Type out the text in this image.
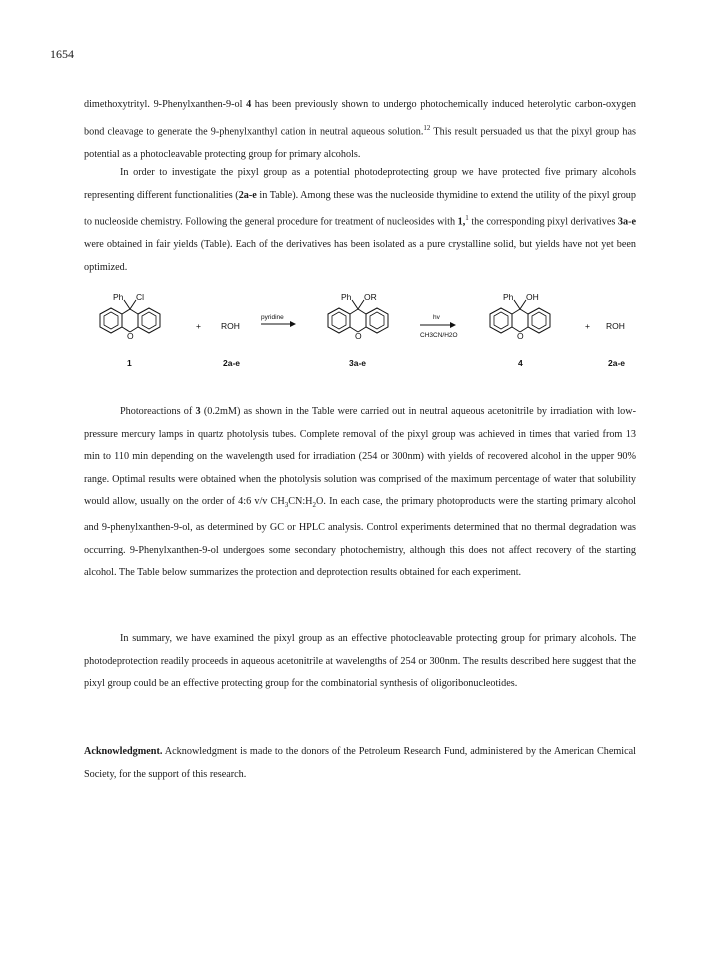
1654

dimethoxytrityl. 9-Phenylxanthen-9-ol 4 has been previously shown to undergo photochemically induced heterolytic carbon-oxygen bond cleavage to generate the 9-phenylxanthyl cation in neutral aqueous solution.$^{12}$ This result persuaded us that the pixyl group has potential as a photocleavable protecting group for primary alcohols.

In order to investigate the pixyl group as a potential photodeprotecting group we have protected five primary alcohols representing different functionalities (2a-e in Table). Among these was the nucleoside thymidine to extend the utility of the pixyl group to nucleoside chemistry. Following the general procedure for treatment of nucleosides with 1,$^1$ the corresponding pixyl derivatives 3a-e were obtained in fair yields (Table). Each of the derivatives has been isolated as a pure crystalline solid, but yields have not yet been optimized.

Ph Cl
O
1
+ ROH
2a-e
pyridine
Ph OR
O
3a-e
hv
CH3CN/H2O
Ph OH
O
4
+ ROH
2a-e

Photoreactions of 3 (0.2mM) as shown in the Table were carried out in neutral aqueous acetonitrile by irradiation with low-pressure mercury lamps in quartz photolysis tubes. Complete removal of the pixyl group was achieved in times that varied from 13 min to 110 min depending on the wavelength used for irradiation (254 or 300nm) with yields of recovered alcohol in the upper 90% range. Optimal results were obtained when the photolysis solution was comprised of the maximum percentage of water that solubility would allow, usually on the order of 4:6 v/v $CH_3CN:H_2O$. In each case, the primary photoproducts were the starting primary alcohol and 9-phenylxanthen-9-ol, as determined by GC or HPLC analysis. Control experiments determined that no thermal degradation was occurring. 9-Phenylxanthen-9-ol undergoes some secondary photochemistry, although this does not affect recovery of the starting alcohol. The Table below summarizes the protection and deprotection results obtained for each experiment.

In summary, we have examined the pixyl group as an effective photocleavable protecting group for primary alcohols. The photodeprotection readily proceeds in aqueous acetonitrile at wavelengths of 254 or 300nm. The results described here suggest that the pixyl group could be an effective protecting group for the combinatorial synthesis of oligoribonucleotides.

Acknowledgment. Acknowledgment is made to the donors of the Petroleum Research Fund, administered by the American Chemical Society, for the support of this research.
